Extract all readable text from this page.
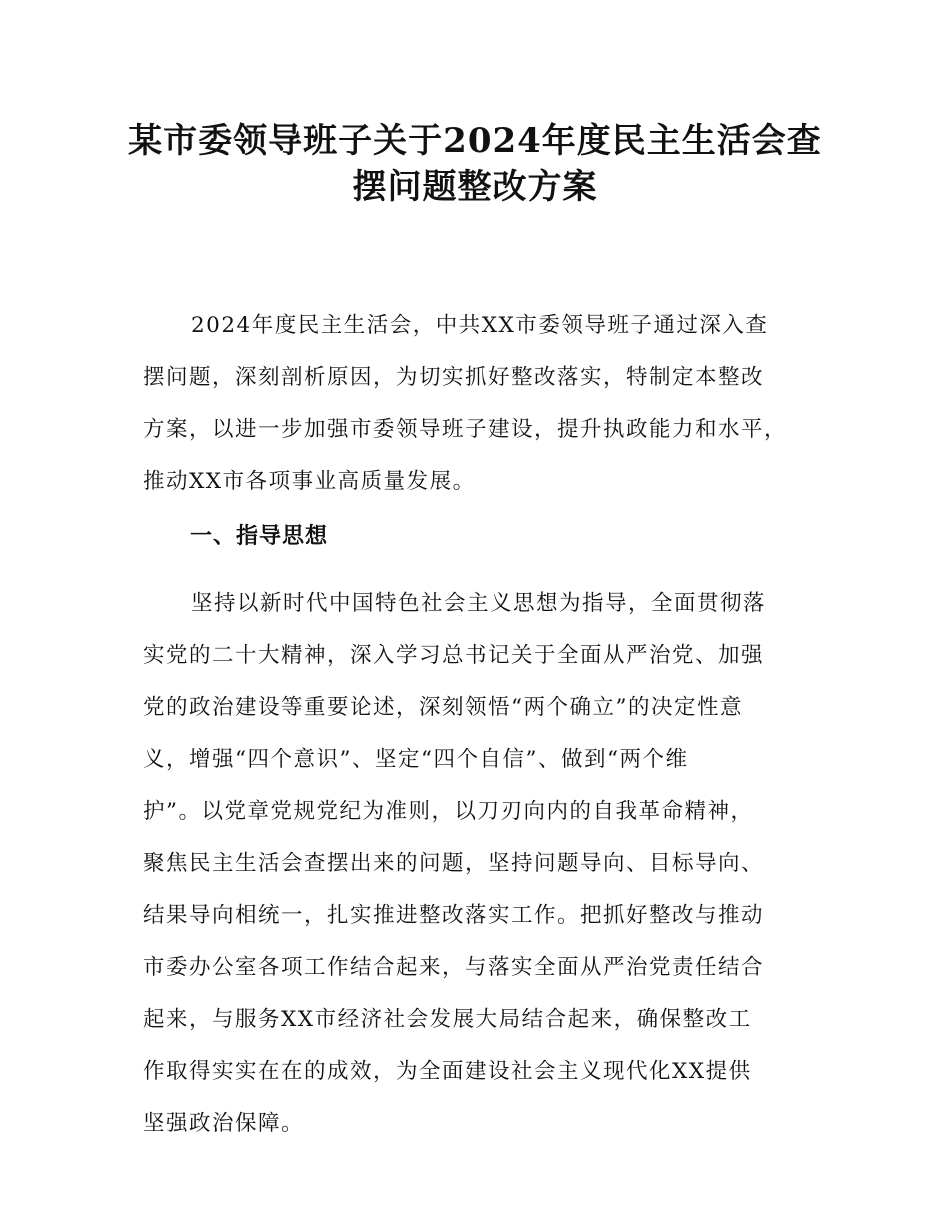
某市委领导班子关于2024年度民主生活会查
摆问题整改方案
2024年度民主生活会，中共XX市委领导班子通过深入查
摆问题，深刻剖析原因，为切实抓好整改落实，特制定本整改
方案，以进一步加强市委领导班子建设，提升执政能力和水平，
推动XX市各项事业高质量发展。
一、指导思想
坚持以新时代中国特色社会主义思想为指导，全面贯彻落
实党的二十大精神，深入学习总书记关于全面从严治党、加强
党的政治建设等重要论述，深刻领悟“两个确立”的决定性意
义，增强“四个意识”、坚定“四个自信”、做到“两个维
护”。以党章党规党纪为准则，以刀刃向内的自我革命精神，
聚焦民主生活会查摆出来的问题，坚持问题导向、目标导向、
结果导向相统一，扎实推进整改落实工作。把抓好整改与推动
市委办公室各项工作结合起来，与落实全面从严治党责任结合
起来，与服务XX市经济社会发展大局结合起来，确保整改工
作取得实实在在的成效，为全面建设社会主义现代化XX提供
坚强政治保障。
